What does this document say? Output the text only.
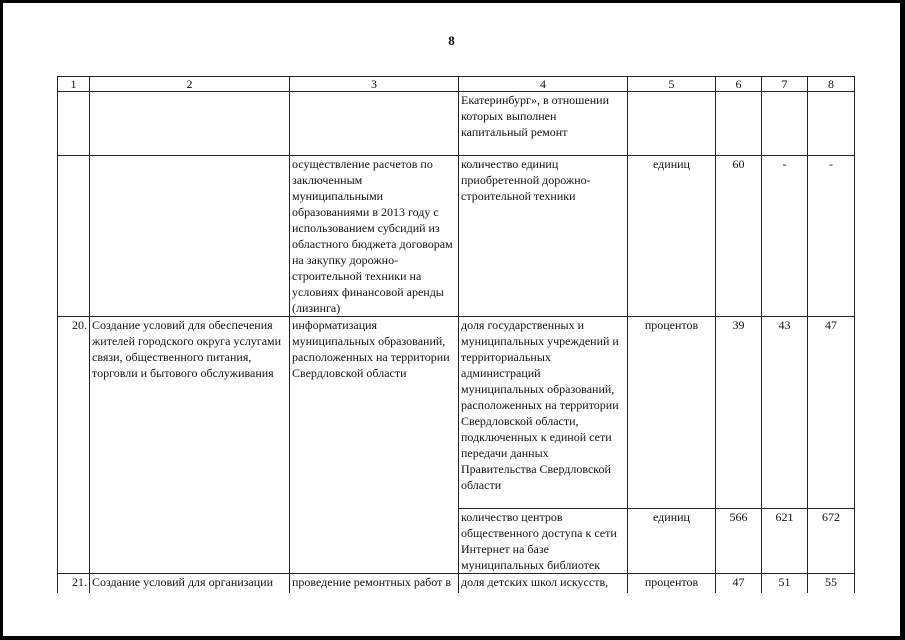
8
1	2	3	4	5	6	7	8
			Екатеринбург», в отношении которых выполнен капитальный ремонт				
		осуществление расчетов по заключенным муниципальными образованиями в 2013 году с использованием субсидий из областного бюджета договорам на закупку дорожно-строительной техники на условиях финансовой аренды (лизинга)	количество единиц приобретенной дорожно-строительной техники	единиц	60	-	-
20.	Создание условий для обеспечения жителей городского округа услугами связи, общественного питания, торговли и бытового обслуживания	информатизация муниципальных образований, расположенных на территории Свердловской области	доля государственных и муниципальных учреждений и территориальных администраций муниципальных образований, расположенных на территории Свердловской области, подключенных к единой сети передачи данных Правительства Свердловской области	процентов	39	43	47
			количество центров общественного доступа к сети Интернет на базе муниципальных библиотек	единиц	566	621	672
21.	Создание условий для организации	проведение ремонтных работ в	доля детских школ искусств,	процентов	47	51	55
